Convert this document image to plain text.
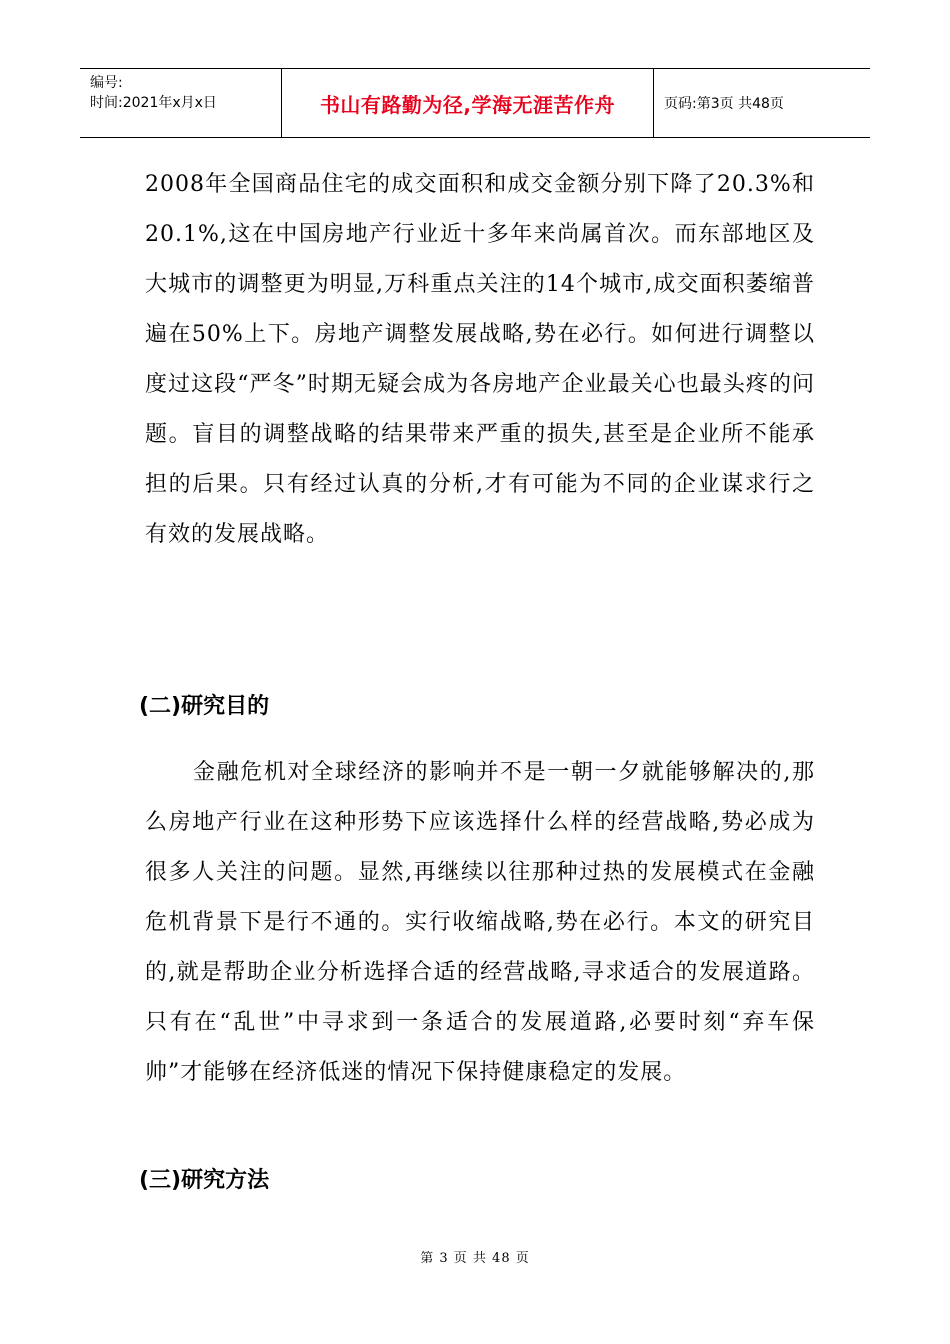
编号:
时间:2021年x月x日	书山有路勤为径,学海无涯苦作舟	页码:第3页 共48页

2008年全国商品住宅的成交面积和成交金额分别下降了20.3%和20.1%,这在中国房地产行业近十多年来尚属首次。而东部地区及大城市的调整更为明显,万科重点关注的14个城市,成交面积萎缩普遍在50%上下。房地产调整发展战略,势在必行。如何进行调整以度过这段“严冬”时期无疑会成为各房地产企业最关心也最头疼的问题。盲目的调整战略的结果带来严重的损失,甚至是企业所不能承担的后果。只有经过认真的分析,才有可能为不同的企业谋求行之有效的发展战略。

(二)研究目的

金融危机对全球经济的影响并不是一朝一夕就能够解决的,那么房地产行业在这种形势下应该选择什么样的经营战略,势必成为很多人关注的问题。显然,再继续以往那种过热的发展模式在金融危机背景下是行不通的。实行收缩战略,势在必行。本文的研究目的,就是帮助企业分析选择合适的经营战略,寻求适合的发展道路。只有在“乱世”中寻求到一条适合的发展道路,必要时刻“弃车保帅”才能够在经济低迷的情况下保持健康稳定的发展。

(三)研究方法
第 3 页 共 48 页
